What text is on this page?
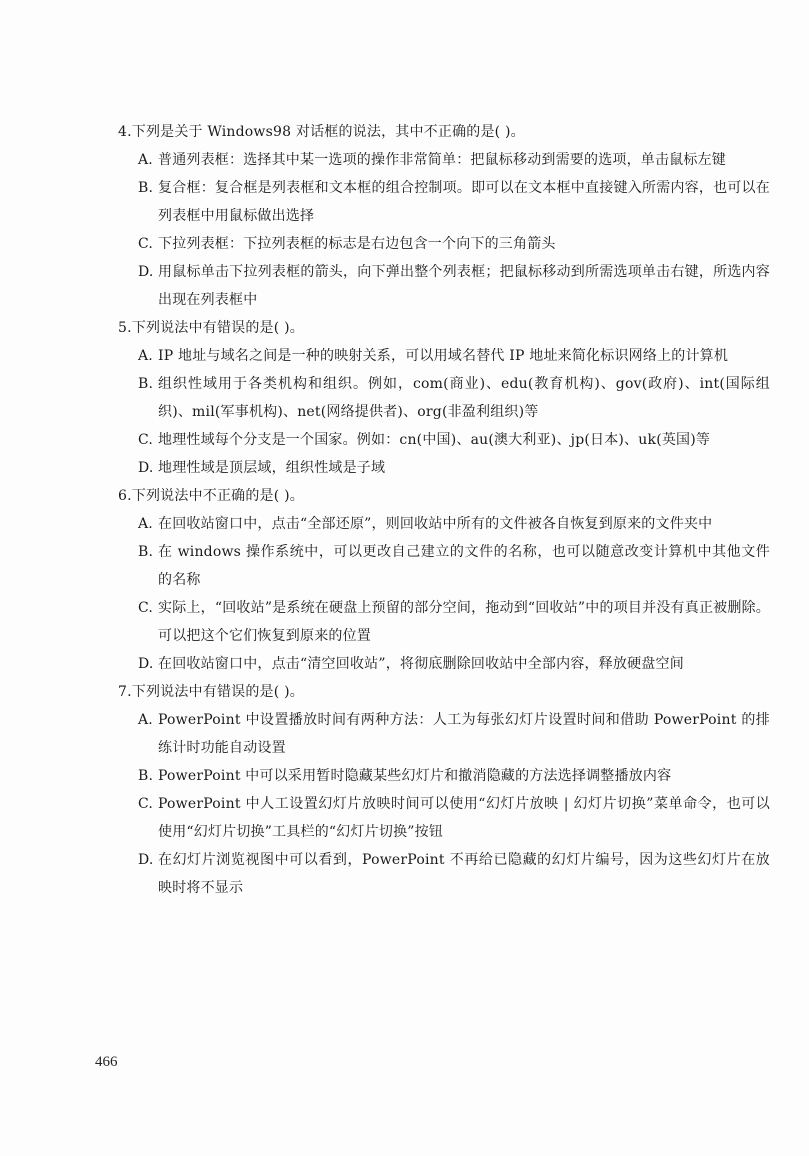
4.下列是关于 Windows98 对话框的说法，其中不正确的是( )。
A. 普通列表框：选择其中某一选项的操作非常简单：把鼠标移动到需要的选项，单击鼠标左键
B. 复合框：复合框是列表框和文本框的组合控制项。即可以在文本框中直接键入所需内容，也可以在列表框中用鼠标做出选择
C. 下拉列表框：下拉列表框的标志是右边包含一个向下的三角箭头
D. 用鼠标单击下拉列表框的箭头，向下弹出整个列表框；把鼠标移动到所需选项单击右键，所选内容出现在列表框中
5.下列说法中有错误的是( )。
A. IP 地址与域名之间是一种的映射关系，可以用域名替代 IP 地址来简化标识网络上的计算机
B. 组织性域用于各类机构和组织。例如，com(商业)、edu(教育机构)、gov(政府)、int(国际组织)、mil(军事机构)、net(网络提供者)、org(非盈利组织)等
C. 地理性域每个分支是一个国家。例如：cn(中国)、au(澳大利亚)、jp(日本)、uk(英国)等
D. 地理性域是顶层域，组织性域是子域
6.下列说法中不正确的是( )。
A. 在回收站窗口中，点击“全部还原”，则回收站中所有的文件被各自恢复到原来的文件夹中
B. 在 windows 操作系统中，可以更改自己建立的文件的名称，也可以随意改变计算机中其他文件的名称
C. 实际上，“回收站”是系统在硬盘上预留的部分空间，拖动到“回收站”中的项目并没有真正被删除。可以把这个它们恢复到原来的位置
D. 在回收站窗口中，点击“清空回收站”，将彻底删除回收站中全部内容，释放硬盘空间
7.下列说法中有错误的是( )。
A. PowerPoint 中设置播放时间有两种方法：人工为每张幻灯片设置时间和借助 PowerPoint 的排练计时功能自动设置
B. PowerPoint 中可以采用暂时隐藏某些幻灯片和撤消隐藏的方法选择调整播放内容
C. PowerPoint 中人工设置幻灯片放映时间可以使用“幻灯片放映 | 幻灯片切换”菜单命令，也可以使用“幻灯片切换”工具栏的“幻灯片切换”按钮
D. 在幻灯片浏览视图中可以看到，PowerPoint 不再给已隐藏的幻灯片编号，因为这些幻灯片在放映时将不显示
466
